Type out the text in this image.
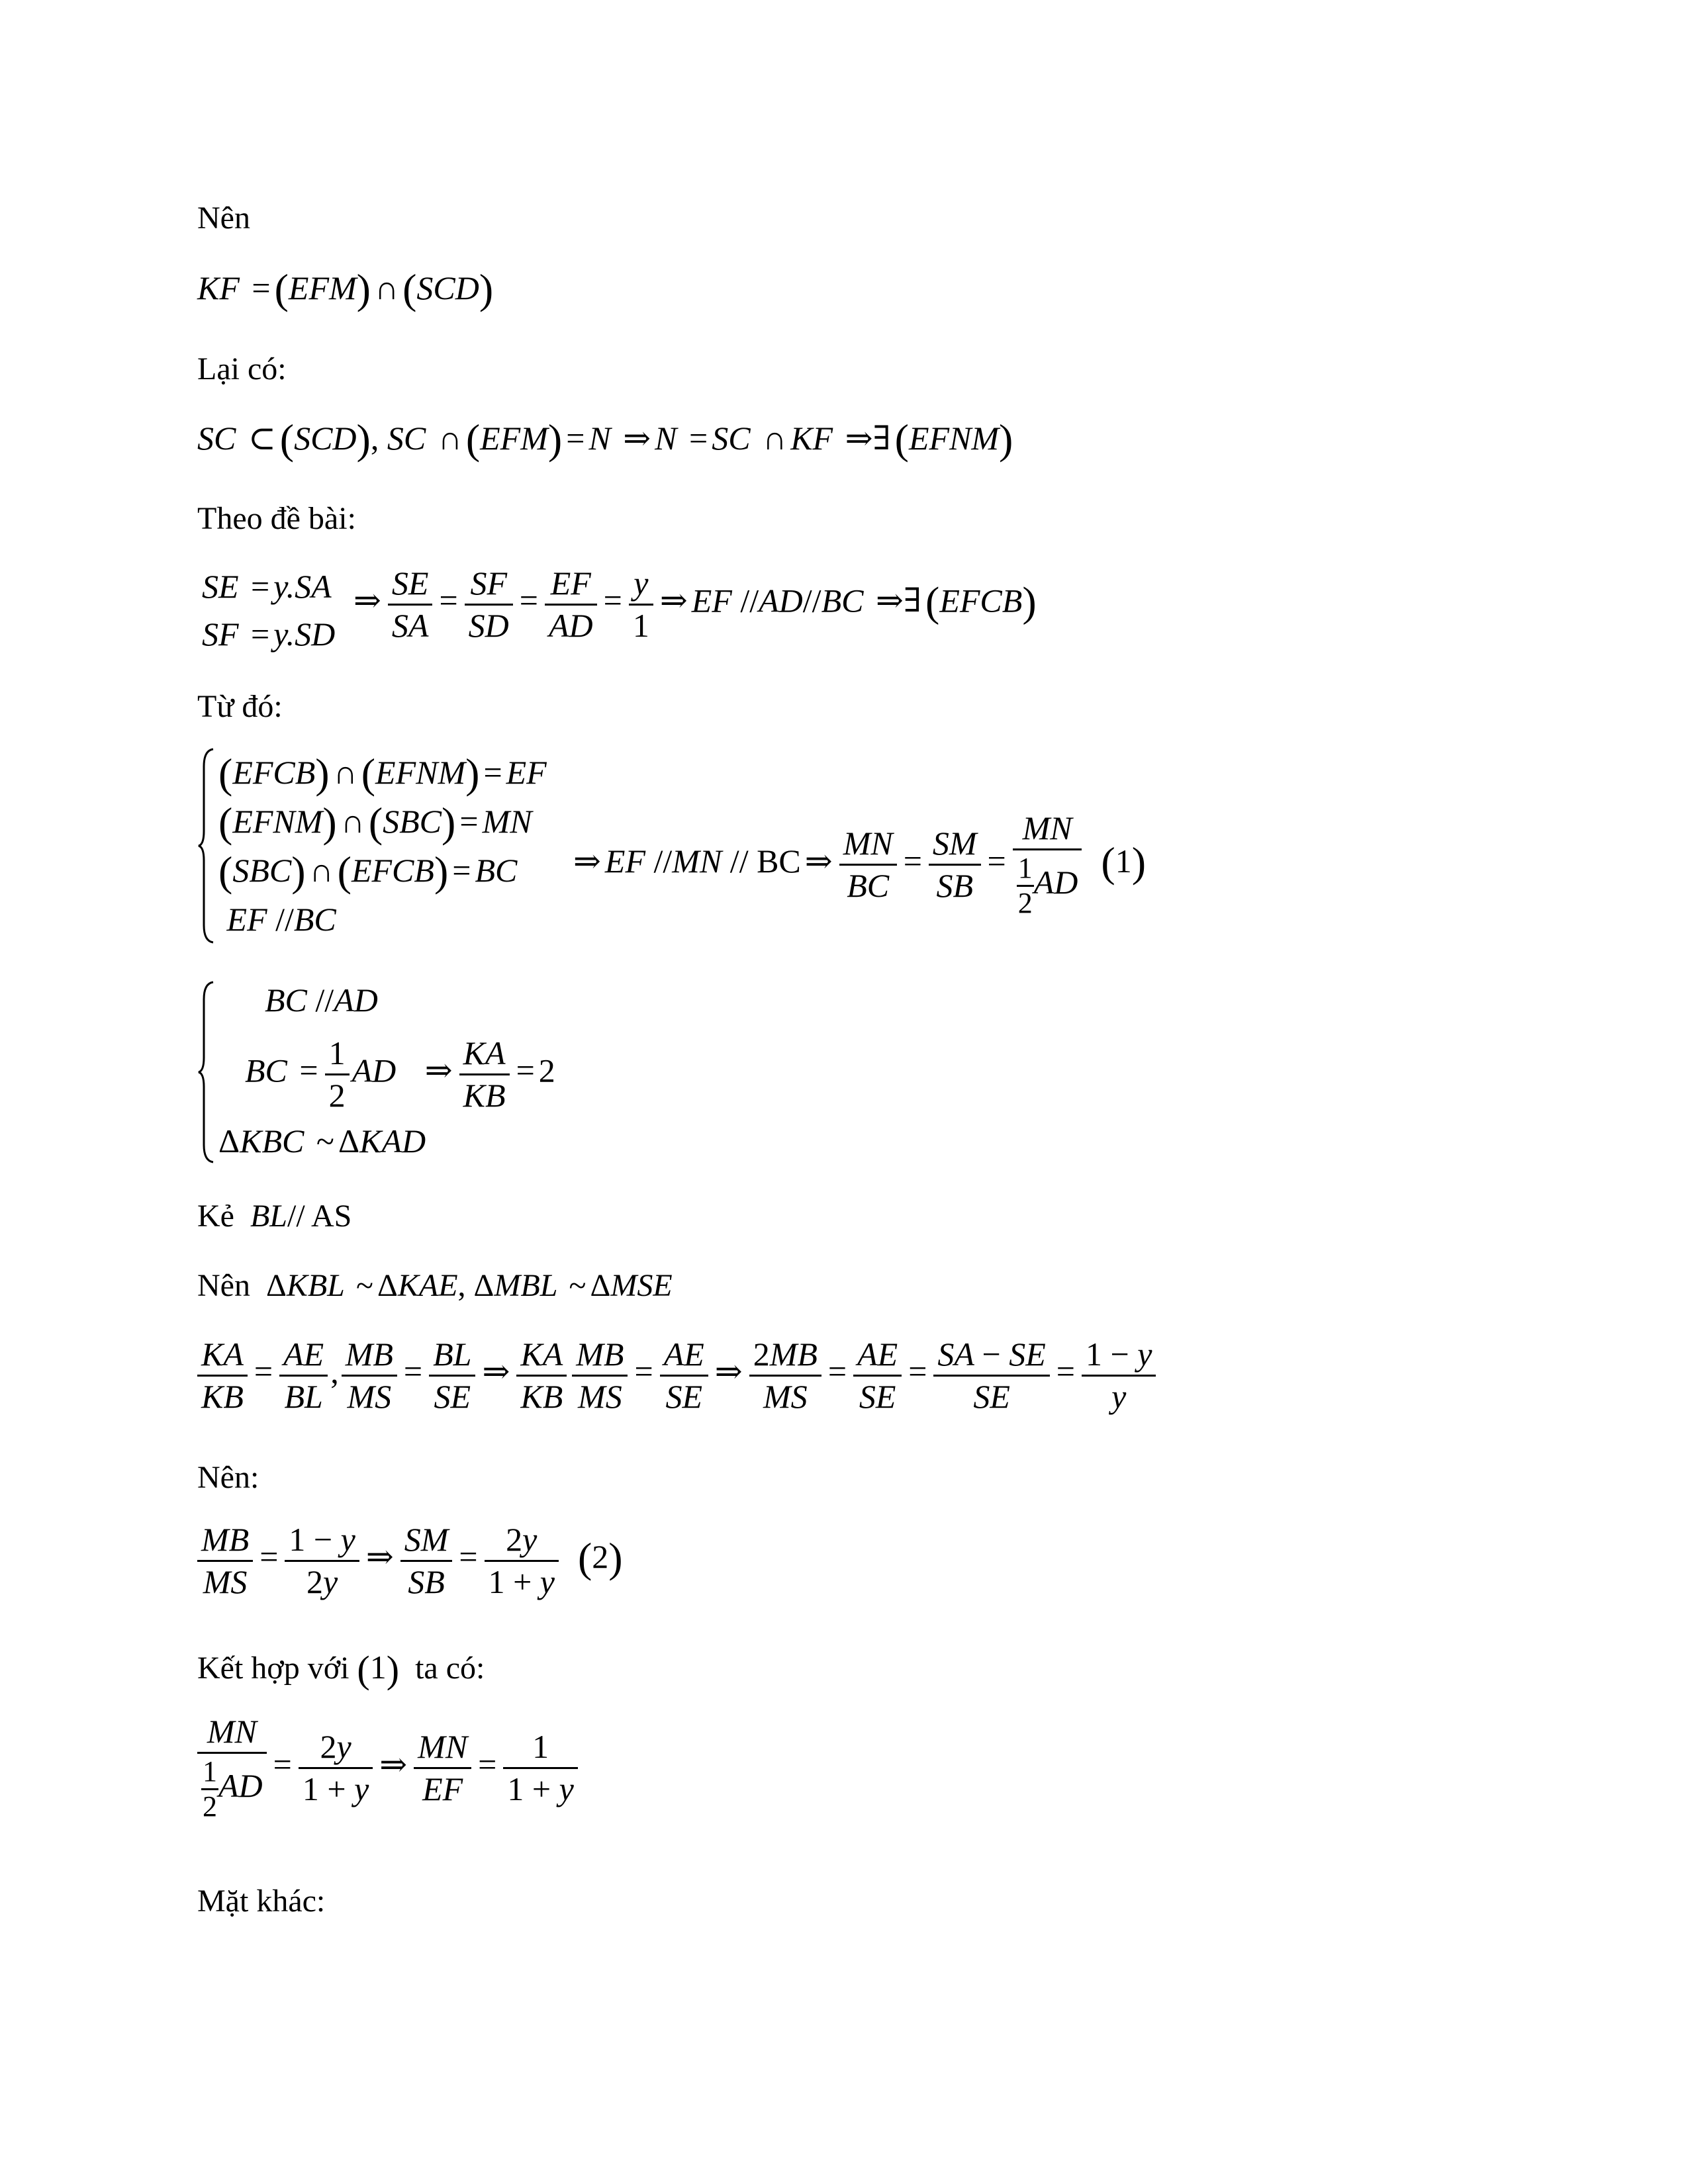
Nên
KF =(EFM) ∩(SCD)
Lại có:
SC ⊂(SCD), SC ∩(EFM) = N ⇒ N = SC ∩ KF ⇒∃(EFNM)
Theo đề bài:
SE = y.SA
SF = y.SD
⇒ $\frac{SE}{SA} = \frac{SF}{SD} = \frac{EF}{AD} = \frac{y}{1}$ ⇒ EF //AD//BC ⇒∃(EFCB)
Từ đó:
(EFCB) ∩(EFNM) = EF
(EFNM) ∩(SBC) = MN
(SBC) ∩(EFCB) = BC
EF //BC
⇒ EF //MN // BC ⇒ $\frac{MN}{BC} = \frac{SM}{SB} = \frac{MN}{\frac{1}{2} AD} (1)$
BC //AD
BC = $\frac{1}{2}$ AD   ⇒ $\frac{KA}{KB} = 2$
ΔKBC ~ ΔKAD
Kẻ BL// AS
Nên ΔKBL ~ ΔKAE, ΔMBL ~ ΔMSE
$\frac{KA}{KB} = \frac{AE}{BL}$ , $\frac{MB}{MS} = \frac{BL}{SE}$ ⇒ $\frac{KA}{KB} \frac{MB}{MS} = \frac{AE}{SE}$ ⇒ $\frac{2MB}{MS} = \frac{AE}{SE} = \frac{SA - SE}{SE} = \frac{1 - y}{y}$
Nên:
$\frac{MB}{MS} = \frac{1 - y}{2y}$ ⇒ $\frac{SM}{SB} = \frac{2y}{1 + y} (2)$
Kết hợp với (1) ta có:
$\frac{MN}{\frac{1}{2} AD} = \frac{2y}{1 + y}$ ⇒ $\frac{MN}{EF} = \frac{1}{1 + y}$
Mặt khác:
